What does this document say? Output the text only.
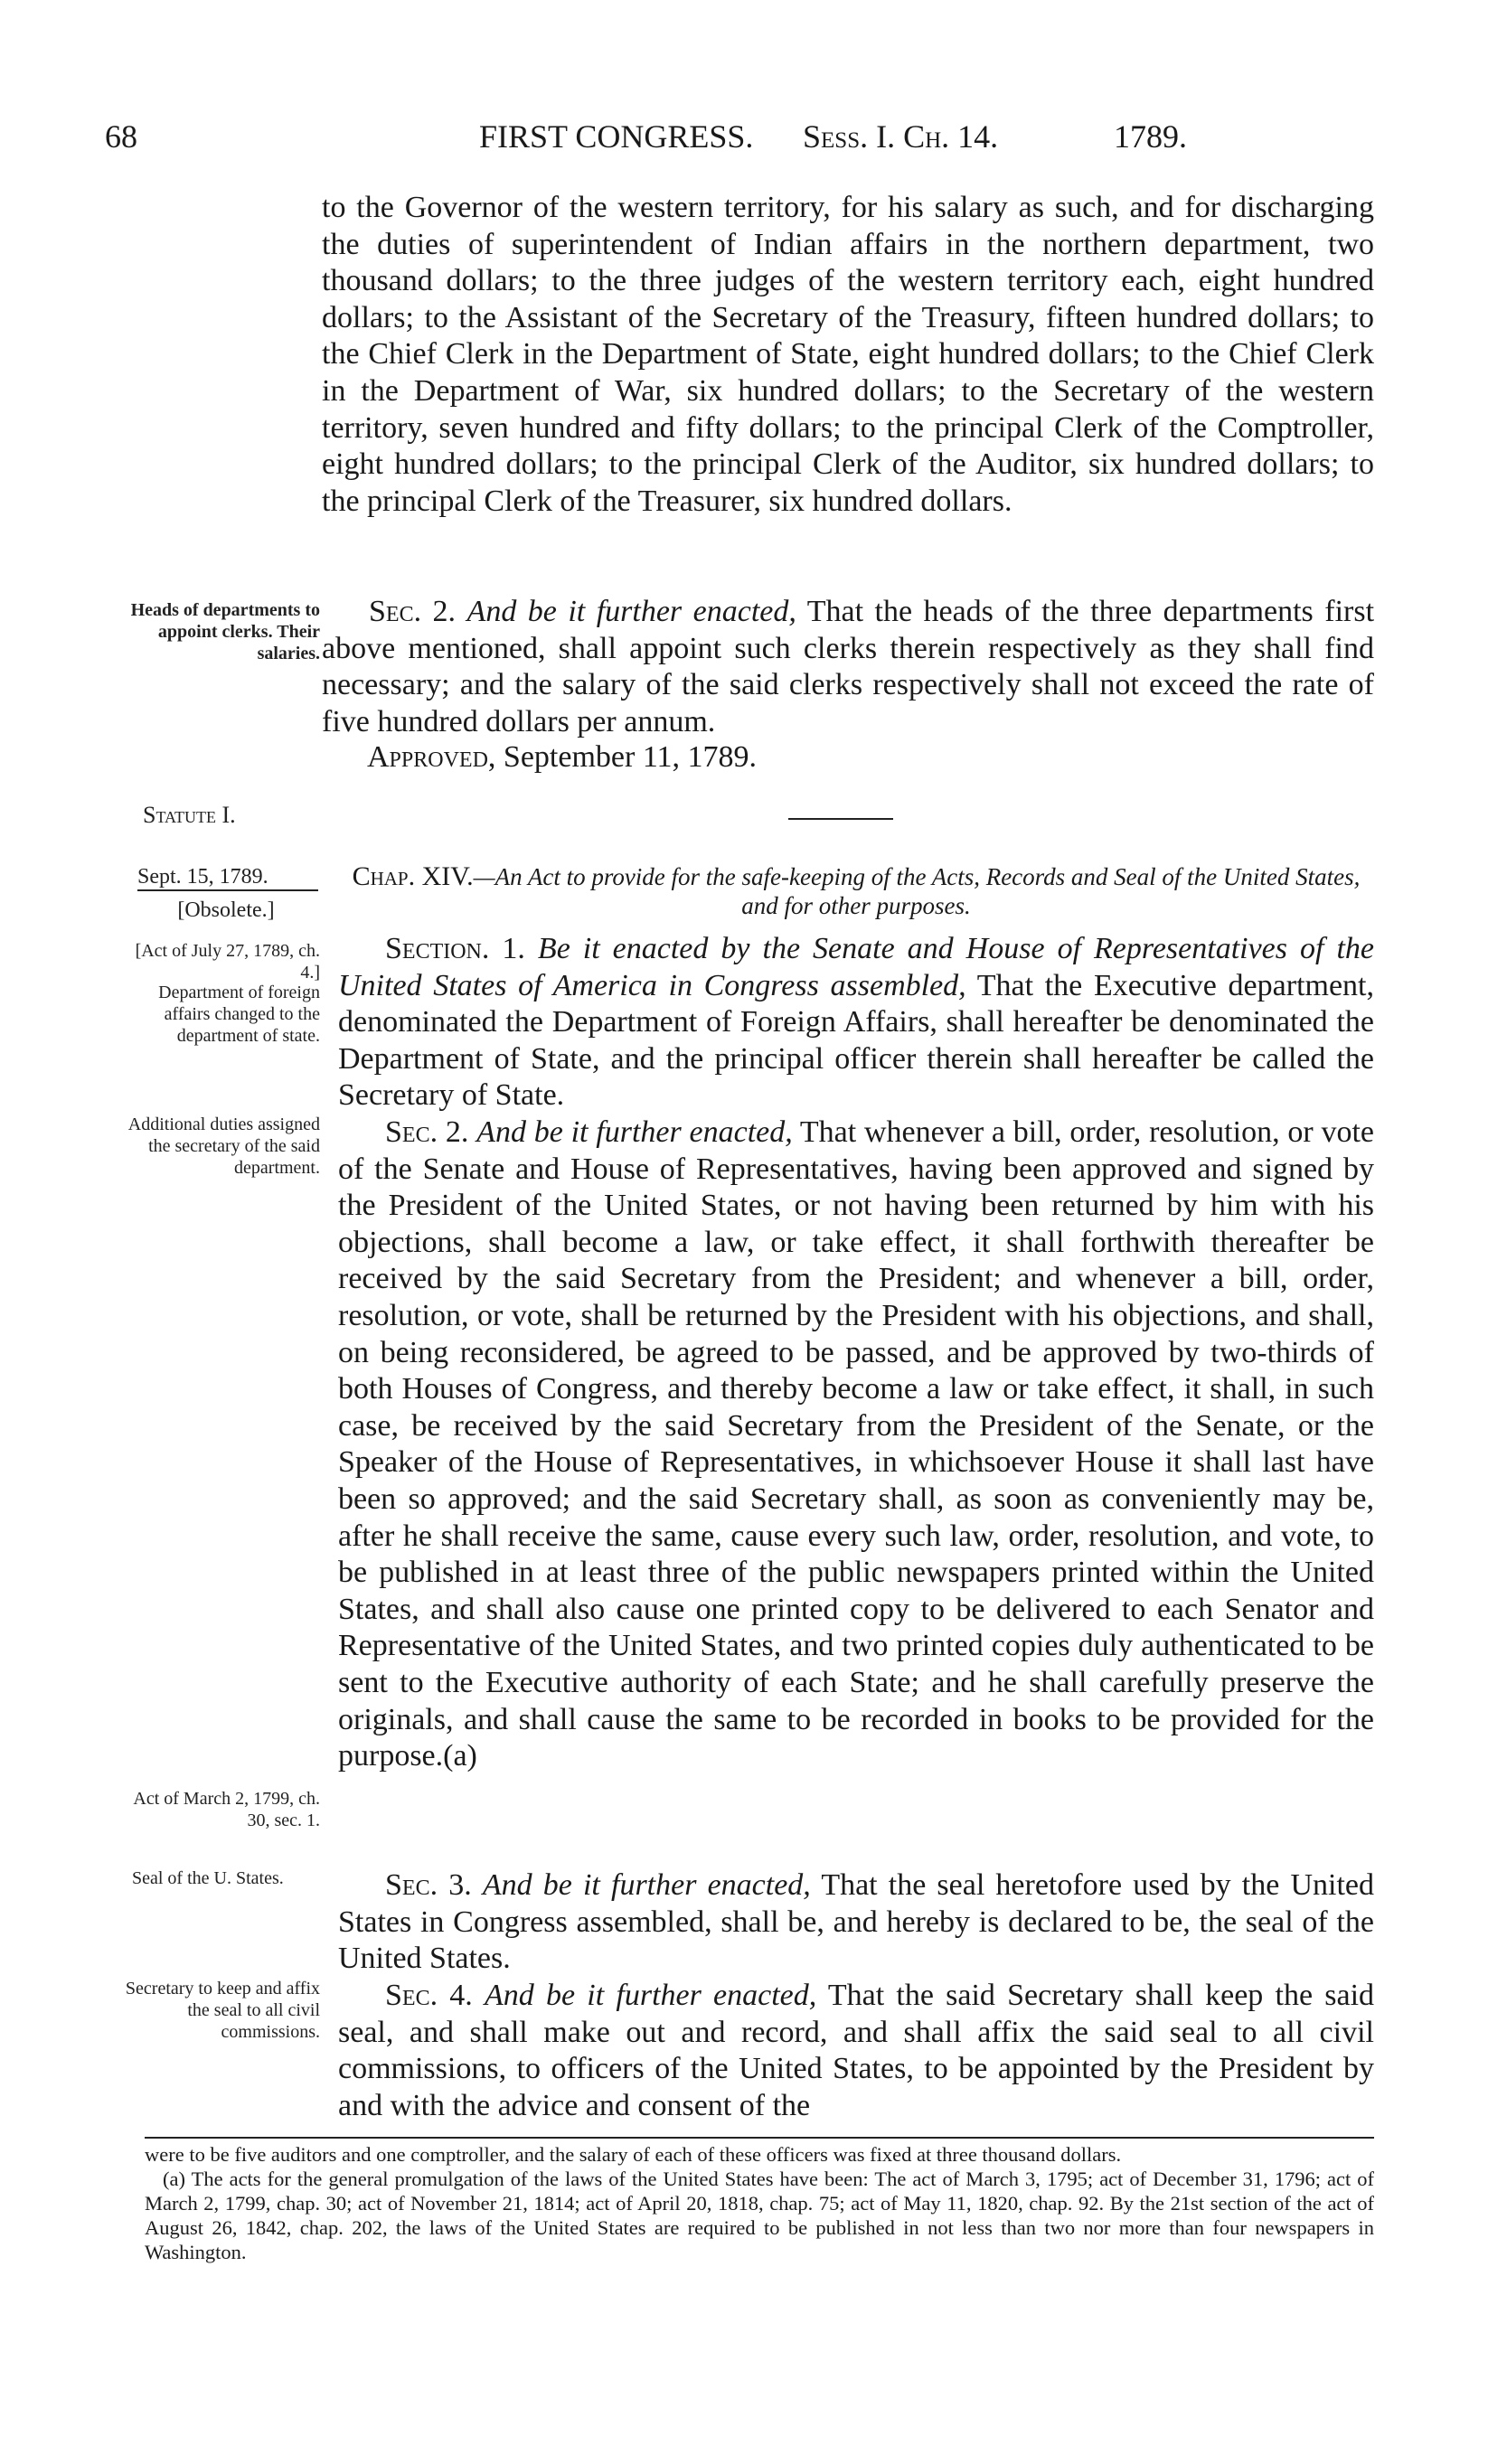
68	FIRST CONGRESS. Sess. I. Ch. 14.	1789.

to the Governor of the western territory, for his salary as such, and for discharging the duties of superintendent of Indian affairs in the northern department, two thousand dollars; to the three judges of the western territory each, eight hundred dollars; to the Assistant of the Secretary of the Treasury, fifteen hundred dollars; to the Chief Clerk in the Department of State, eight hundred dollars; to the Chief Clerk in the Department of War, six hundred dollars; to the Secretary of the western territory, seven hundred and fifty dollars; to the principal Clerk of the Comptroller, eight hundred dollars; to the principal Clerk of the Auditor, six hundred dollars; to the principal Clerk of the Treasurer, six hundred dollars.

Sec. 2. And be it further enacted, That the heads of the three departments first above mentioned, shall appoint such clerks therein respectively as they shall find necessary; and the salary of the said clerks respectively shall not exceed the rate of five hundred dollars per annum.

Approved, September 11, 1789.
Heads of departments to appoint clerks. Their salaries.
Statute I.
Sept. 15, 1789.
[Obsolete.]
[Act of July 27, 1789, ch. 4.]
Department of foreign affairs changed to the department of state.
Additional duties assigned the secretary of the said department.
Act of March 2, 1799, ch. 30, sec. 1.
Seal of the U. States.
Secretary to keep and affix the seal to all civil commissions.
Chap. XIV.—An Act to provide for the safe-keeping of the Acts, Records and Seal of the United States, and for other purposes.

Section. 1. Be it enacted by the Senate and House of Representatives of the United States of America in Congress assembled, That the Executive department, denominated the Department of Foreign Affairs, shall hereafter be denominated the Department of State, and the principal officer therein shall hereafter be called the Secretary of State.

Sec. 2. And be it further enacted, That whenever a bill, order, resolution, or vote of the Senate and House of Representatives, having been approved and signed by the President of the United States, or not having been returned by him with his objections, shall become a law, or take effect, it shall forthwith thereafter be received by the said Secretary from the President; and whenever a bill, order, resolution, or vote, shall be returned by the President with his objections, and shall, on being reconsidered, be agreed to be passed, and be approved by two-thirds of both Houses of Congress, and thereby become a law or take effect, it shall, in such case, be received by the said Secretary from the President of the Senate, or the Speaker of the House of Representatives, in whichsoever House it shall last have been so approved; and the said Secretary shall, as soon as conveniently may be, after he shall receive the same, cause every such law, order, resolution, and vote, to be published in at least three of the public newspapers printed within the United States, and shall also cause one printed copy to be delivered to each Senator and Representative of the United States, and two printed copies duly authenticated to be sent to the Executive authority of each State; and he shall carefully preserve the originals, and shall cause the same to be recorded in books to be provided for the purpose.(a)

Sec. 3. And be it further enacted, That the seal heretofore used by the United States in Congress assembled, shall be, and hereby is declared to be, the seal of the United States.

Sec. 4. And be it further enacted, That the said Secretary shall keep the said seal, and shall make out and record, and shall affix the said seal to all civil commissions, to officers of the United States, to be appointed by the President by and with the advice and consent of the

were to be five auditors and one comptroller, and the salary of each of these officers was fixed at three thousand dollars.

(a) The acts for the general promulgation of the laws of the United States have been: The act of March 3, 1795; act of December 31, 1796; act of March 2, 1799, chap. 30; act of November 21, 1814; act of April 20, 1818, chap. 75; act of May 11, 1820, chap. 92. By the 21st section of the act of August 26, 1842, chap. 202, the laws of the United States are required to be published in not less than two nor more than four newspapers in Washington.
